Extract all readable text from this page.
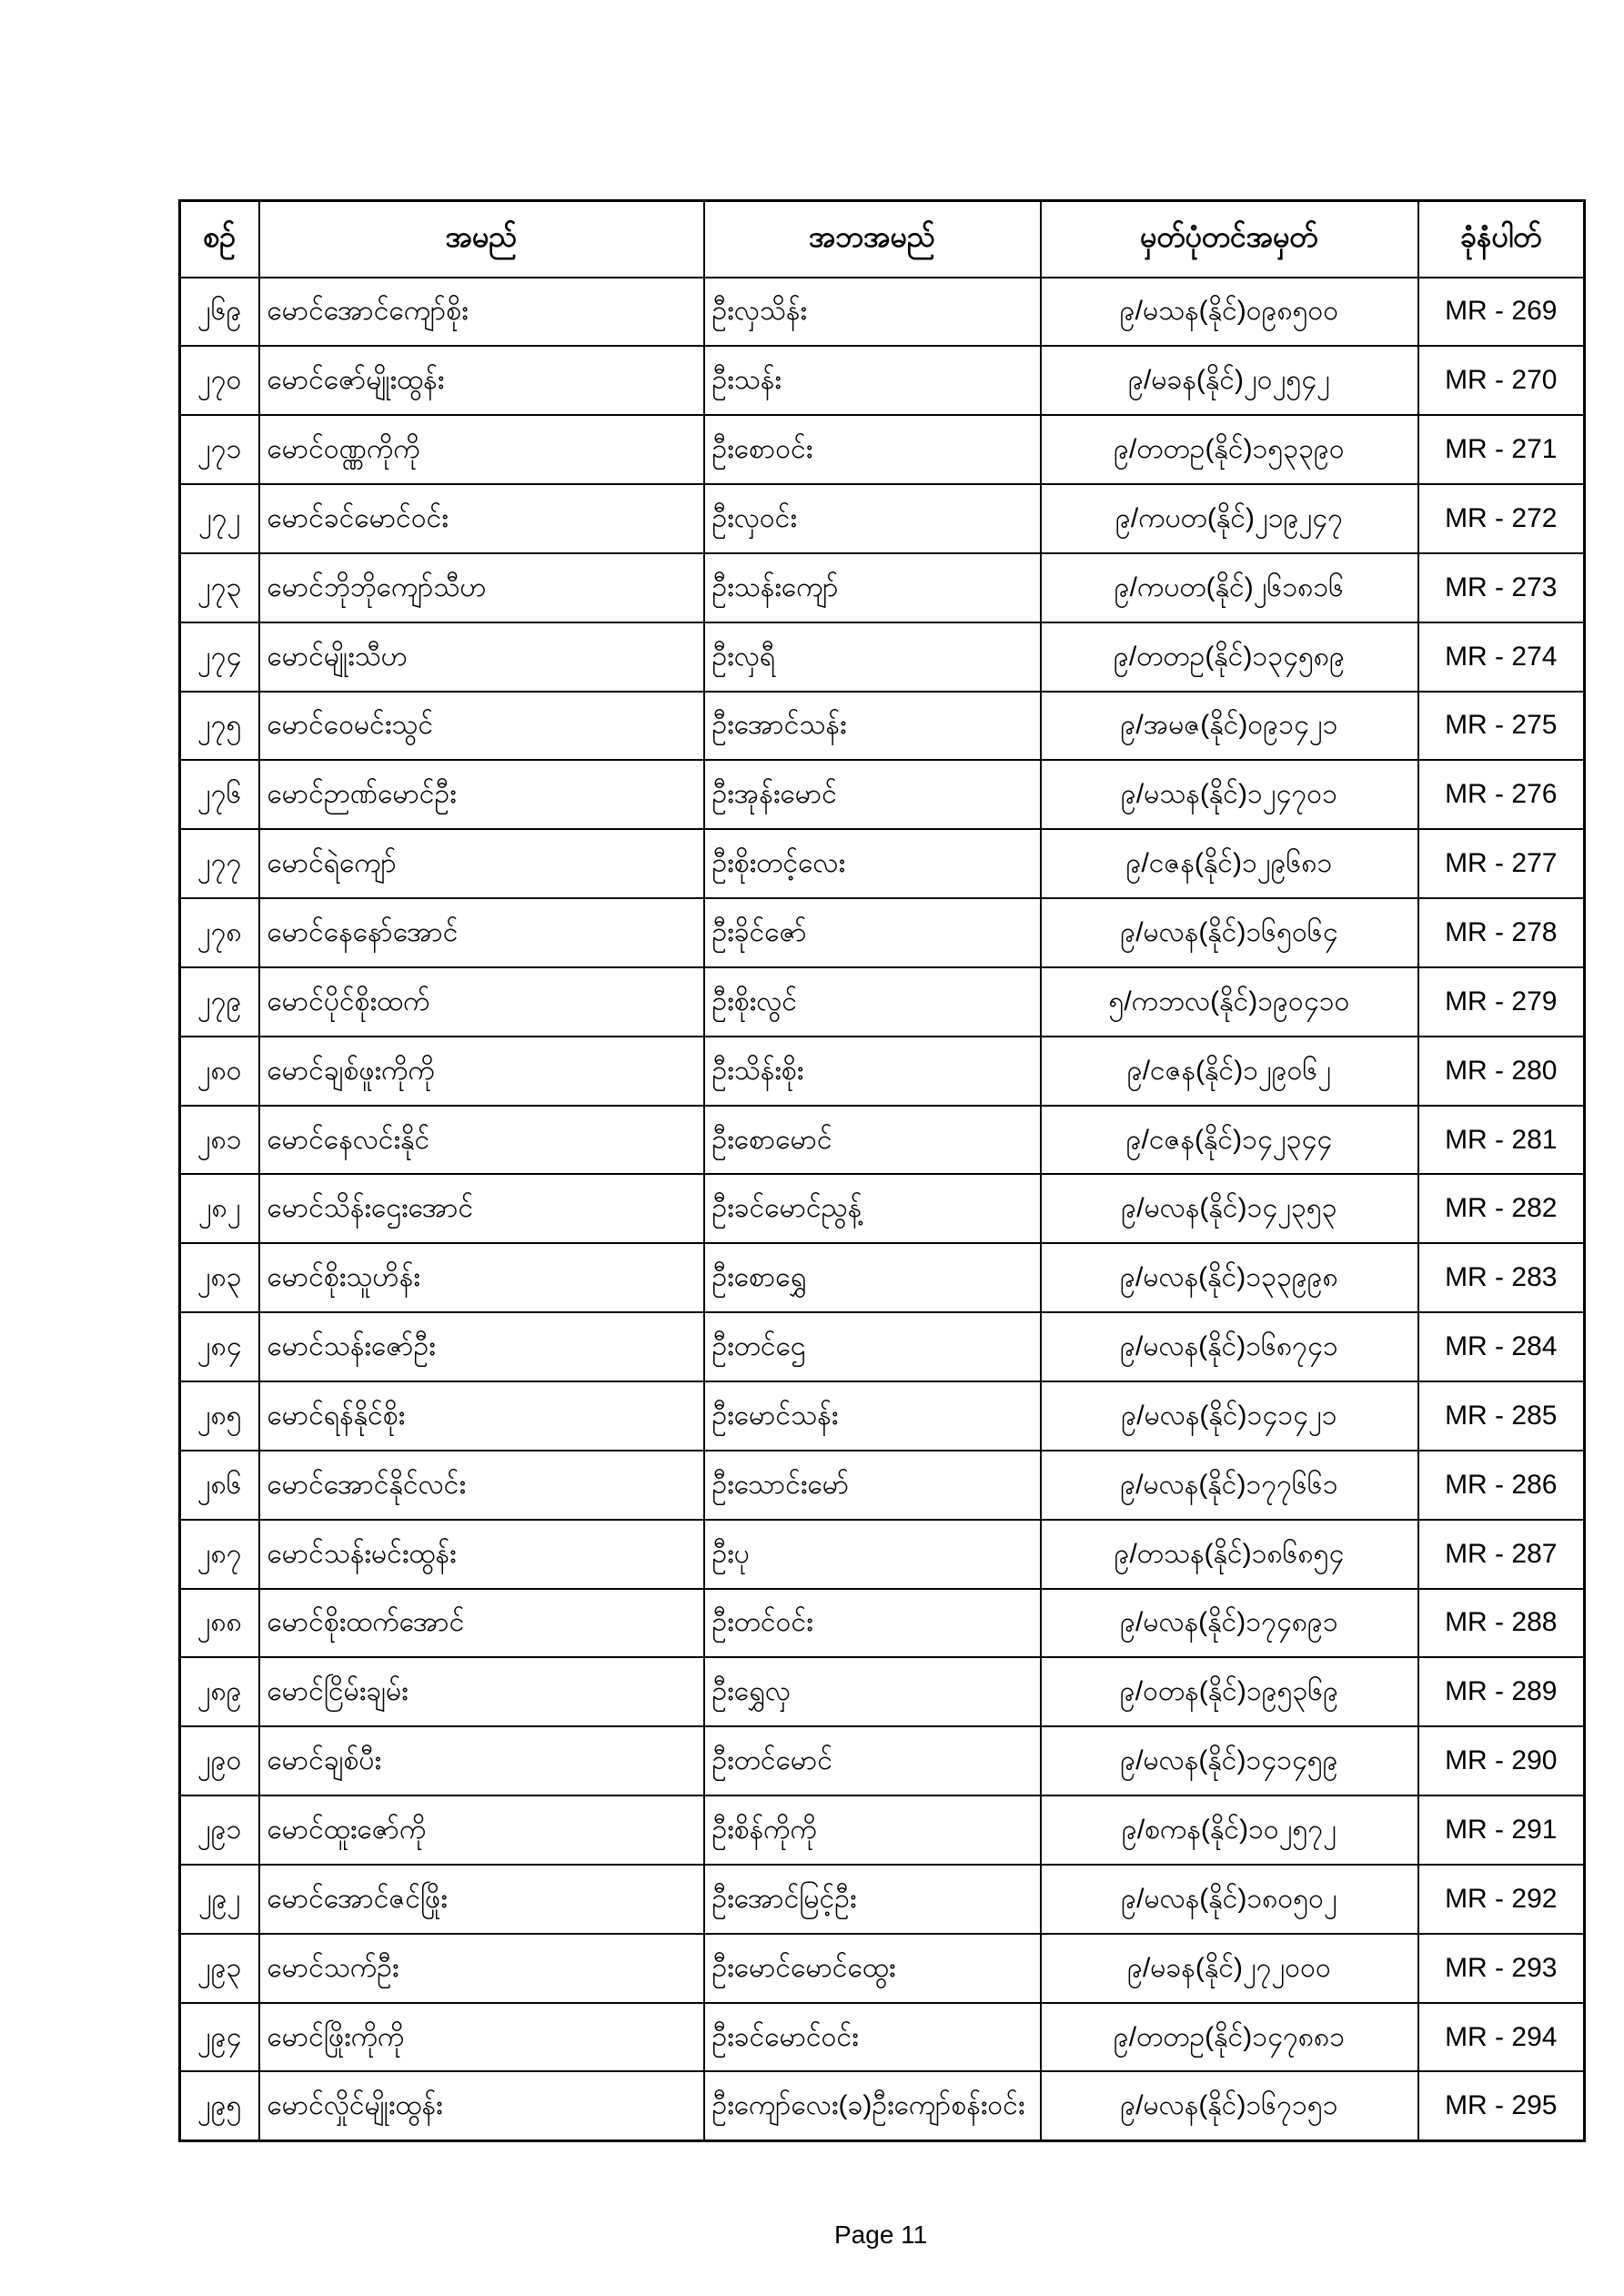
စဉ်	အမည်	အဘအမည်	မှတ်ပုံတင်အမှတ်	ခုံနံပါတ်
၂၆၉	မောင်အောင်ကျော်စိုး	ဦးလှသိန်း	၉/မသန(နိုင်)၀၉၈၅၀၀	MR - 269
၂၇၀	မောင်ဇော်မျိုးထွန်း	ဦးသန်း	၉/မခန(နိုင်)၂၀၂၅၄၂	MR - 270
၂၇၁	မောင်ဝဏ္ဏကိုကို	ဦးစောဝင်း	၉/တတဥ(နိုင်)၁၅၃၃၉၀	MR - 271
၂၇၂	မောင်ခင်မောင်ဝင်း	ဦးလှဝင်း	၉/ကပတ(နိုင်)၂၁၉၂၄၇	MR - 272
၂၇၃	မောင်ဘိုဘိုကျော်သီဟ	ဦးသန်းကျော်	၉/ကပတ(နိုင်)၂၆၁၈၁၆	MR - 273
၂၇၄	မောင်မျိုးသီဟ	ဦးလှရီ	၉/တတဥ(နိုင်)၁၃၄၅၈၉	MR - 274
၂၇၅	မောင်ဝေမင်းသွင်	ဦးအောင်သန်း	၉/အမဇ(နိုင်)၀၉၁၄၂၁	MR - 275
၂၇၆	မောင်ဉာဏ်မောင်ဦး	ဦးအုန်းမောင်	၉/မသန(နိုင်)၁၂၄၇၀၁	MR - 276
၂၇၇	မောင်ရဲကျော်	ဦးစိုးတင့်လေး	၉/ငဇန(နိုင်)၁၂၉၆၈၁	MR - 277
၂၇၈	မောင်နေနော်အောင်	ဦးခိုင်ဇော်	၉/မလန(နိုင်)၁၆၅၀၆၄	MR - 278
၂၇၉	မောင်ပိုင်စိုးထက်	ဦးစိုးလွင်	၅/ကဘလ(နိုင်)၁၉၀၄၁၀	MR - 279
၂၈၀	မောင်ချစ်ဖူးကိုကို	ဦးသိန်းစိုး	၉/ငဇန(နိုင်)၁၂၉၀၆၂	MR - 280
၂၈၁	မောင်နေလင်းနိုင်	ဦးစောမောင်	၉/ငဇန(နိုင်)၁၄၂၃၄၄	MR - 281
၂၈၂	မောင်သိန်းဌေးအောင်	ဦးခင်မောင်ညွန့်	၉/မလန(နိုင်)၁၄၂၃၅၃	MR - 282
၂၈၃	မောင်စိုးသူဟိန်း	ဦးစောရွှေ	၉/မလန(နိုင်)၁၃၃၉၉၈	MR - 283
၂၈၄	မောင်သန်းဇော်ဦး	ဦးတင်ဌေ	၉/မလန(နိုင်)၁၆၈၇၄၁	MR - 284
၂၈၅	မောင်ရန်နိုင်စိုး	ဦးမောင်သန်း	၉/မလန(နိုင်)၁၄၁၄၂၁	MR - 285
၂၈၆	မောင်အောင်နိုင်လင်း	ဦးသောင်းမော်	၉/မလန(နိုင်)၁၇၇၆၆၁	MR - 286
၂၈၇	မောင်သန်းမင်းထွန်း	ဦးပု	၉/တသန(နိုင်)၁၈၆၈၅၄	MR - 287
၂၈၈	မောင်စိုးထက်အောင်	ဦးတင်ဝင်း	၉/မလန(နိုင်)၁၇၄၈၉၁	MR - 288
၂၈၉	မောင်ငြိမ်းချမ်း	ဦးရွှေလှ	၉/ဝတန(နိုင်)၁၉၅၃၆၉	MR - 289
၂၉၀	မောင်ချစ်ပီး	ဦးတင်မောင်	၉/မလန(နိုင်)၁၄၁၄၅၉	MR - 290
၂၉၁	မောင်ထူးဇော်ကို	ဦးစိန်ကိုကို	၉/စကန(နိုင်)၁၀၂၅၇၂	MR - 291
၂၉၂	မောင်အောင်ဇင်ဖြိုး	ဦးအောင်မြင့်ဦး	၉/မလန(နိုင်)၁၈၀၅၀၂	MR - 292
၂၉၃	မောင်သက်ဦး	ဦးမောင်မောင်ထွေး	၉/မခန(နိုင်)၂၇၂၀၀၀	MR - 293
၂၉၄	မောင်ဖြိုးကိုကို	ဦးခင်မောင်ဝင်း	၉/တတဥ(နိုင်)၁၄၇၈၈၁	MR - 294
၂၉၅	မောင်လှိုင်မျိုးထွန်း	ဦးကျော်လေး(ခ)ဦးကျော်စန်းဝင်း	၉/မလန(နိုင်)၁၆၇၁၅၁	MR - 295
Page 11
